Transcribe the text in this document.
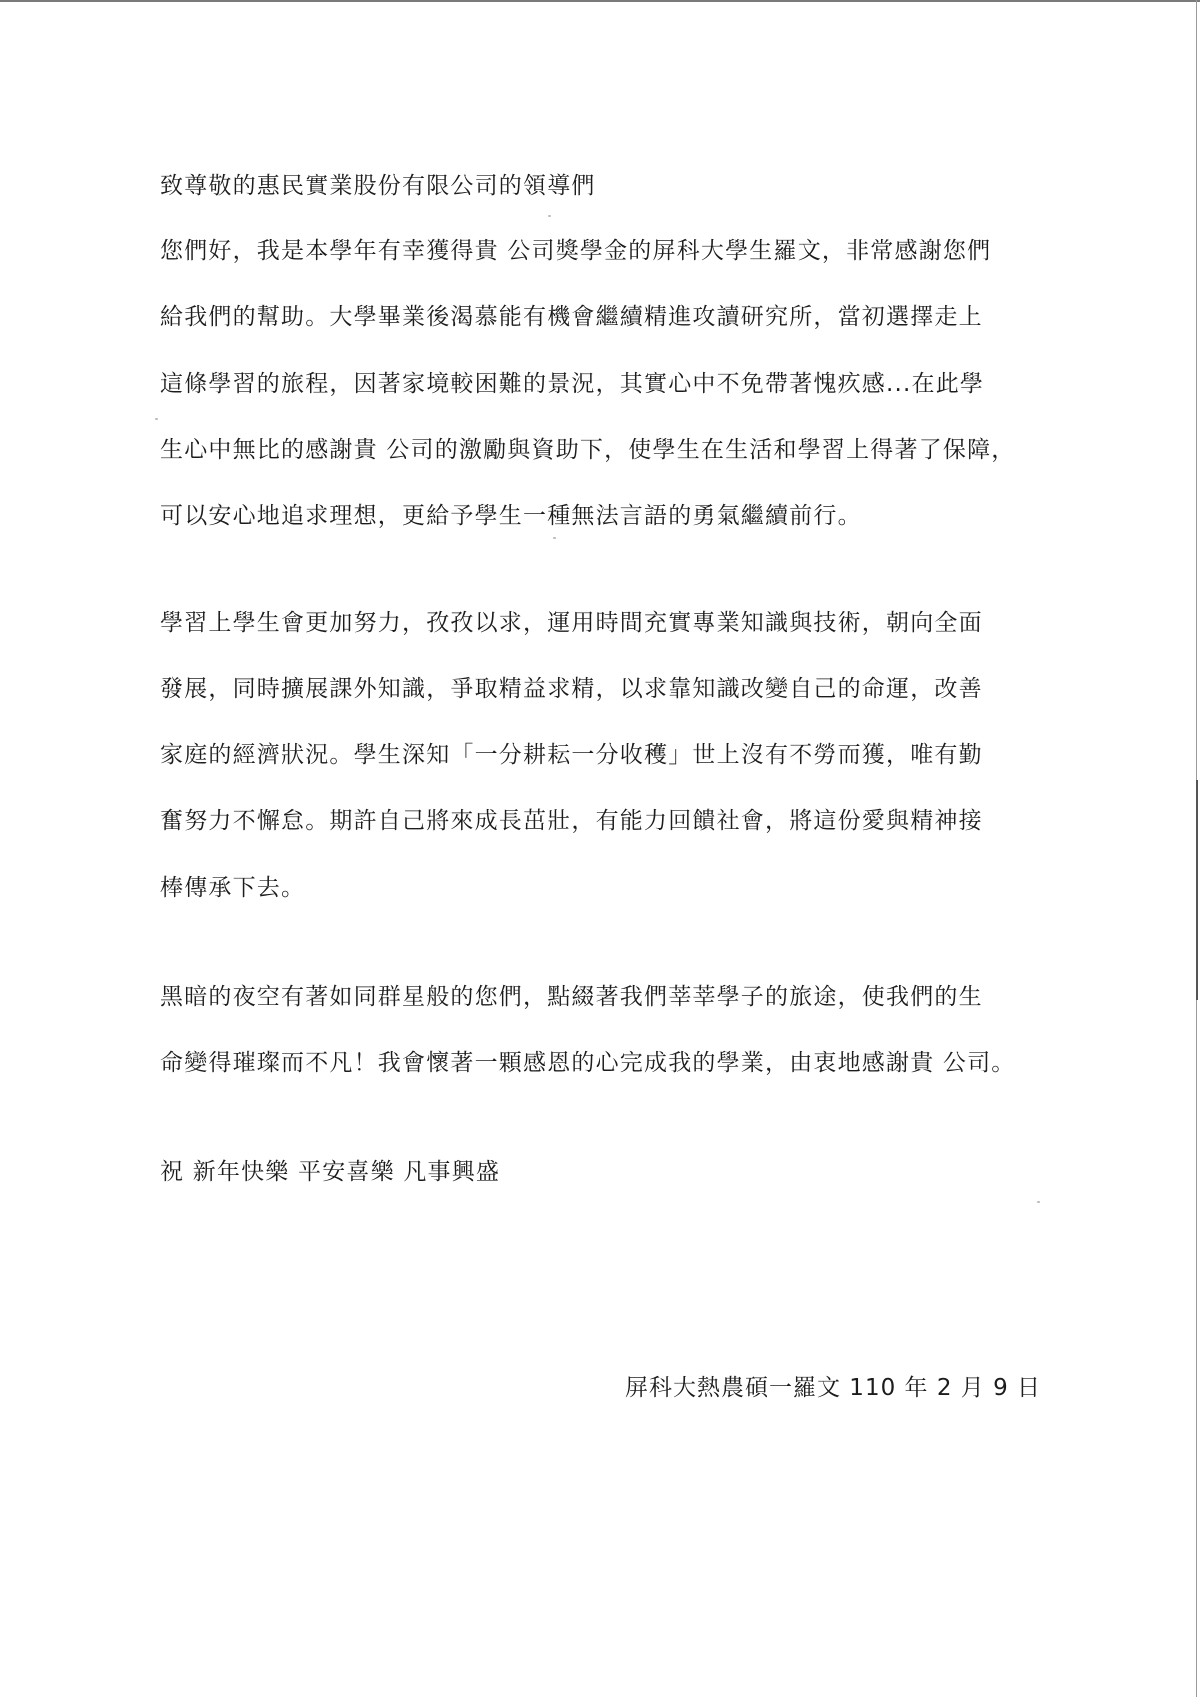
致尊敬的惠民實業股份有限公司的領導們
您們好，我是本學年有幸獲得貴 公司獎學金的屏科大學生羅文，非常感謝您們
給我們的幫助。大學畢業後渴慕能有機會繼續精進攻讀研究所，當初選擇走上
這條學習的旅程，因著家境較困難的景況，其實心中不免帶著愧疚感...在此學
生心中無比的感謝貴 公司的激勵與資助下，使學生在生活和學習上得著了保障，
可以安心地追求理想，更給予學生一種無法言語的勇氣繼續前行。
學習上學生會更加努力，孜孜以求，運用時間充實專業知識與技術，朝向全面
發展，同時擴展課外知識，爭取精益求精，以求靠知識改變自己的命運，改善
家庭的經濟狀況。學生深知「一分耕耘一分收穫」世上沒有不勞而獲，唯有勤
奮努力不懈怠。期許自己將來成長茁壯，有能力回饋社會，將這份愛與精神接
棒傳承下去。
黑暗的夜空有著如同群星般的您們，點綴著我們莘莘學子的旅途，使我們的生
命變得璀璨而不凡！我會懷著一顆感恩的心完成我的學業，由衷地感謝貴 公司。
祝 新年快樂 平安喜樂 凡事興盛
屏科大熱農碩一羅文 110 年 2 月 9 日
